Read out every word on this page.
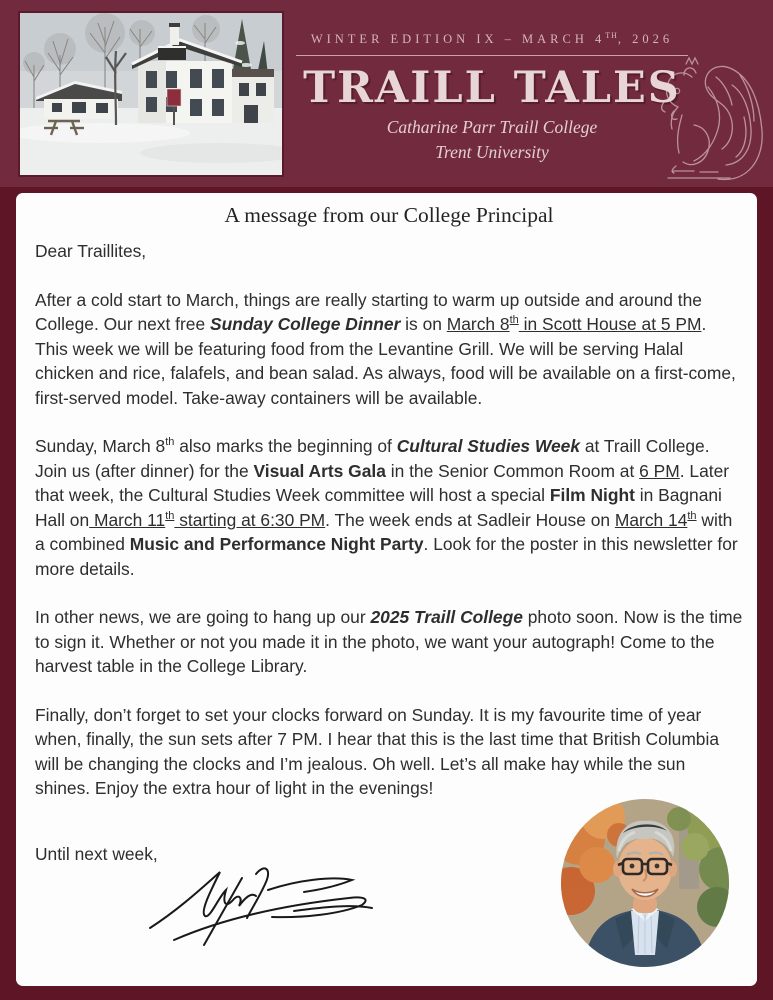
WINTER EDITION IX – MARCH 4TH, 2026
TRAILL TALES
Catharine Parr Traill College
Trent University
A message from our College Principal
Dear Traillites,

After a cold start to March, things are really starting to warm up outside and around the College. Our next free Sunday College Dinner is on March 8th in Scott House at 5 PM. This week we will be featuring food from the Levantine Grill. We will be serving Halal chicken and rice, falafels, and bean salad. As always, food will be available on a first-come, first-served model. Take-away containers will be available.

Sunday, March 8th also marks the beginning of Cultural Studies Week at Traill College. Join us (after dinner) for the Visual Arts Gala in the Senior Common Room at 6 PM. Later that week, the Cultural Studies Week committee will host a special Film Night in Bagnani Hall on March 11th starting at 6:30 PM. The week ends at Sadleir House on March 14th with a combined Music and Performance Night Party. Look for the poster in this newsletter for more details.

In other news, we are going to hang up our 2025 Traill College photo soon. Now is the time to sign it. Whether or not you made it in the photo, we want your autograph! Come to the harvest table in the College Library.

Finally, don’t forget to set your clocks forward on Sunday. It is my favourite time of year when, finally, the sun sets after 7 PM. I hear that this is the last time that British Columbia will be changing the clocks and I’m jealous. Oh well. Let’s all make hay while the sun shines. Enjoy the extra hour of light in the evenings!

Until next week,
